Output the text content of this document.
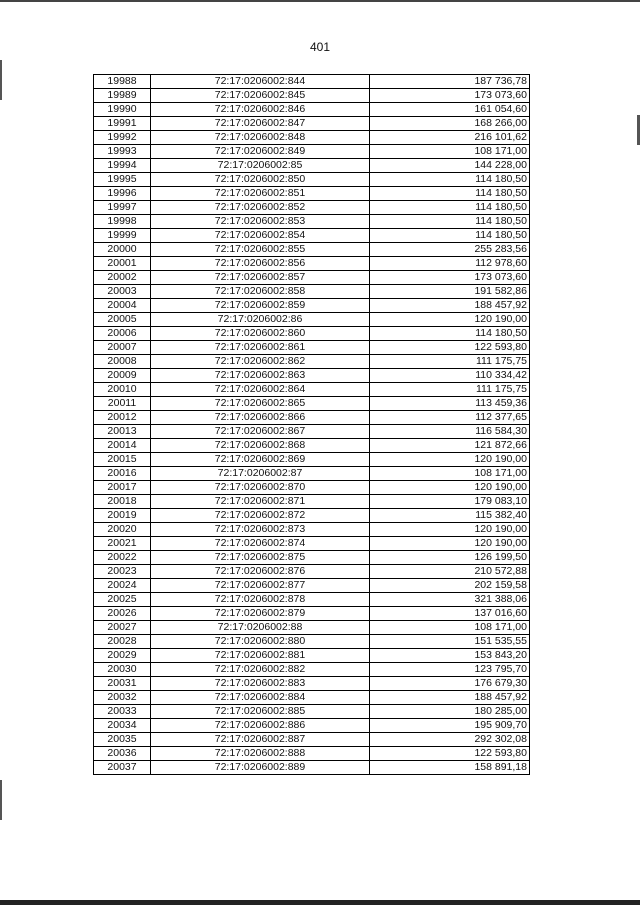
401
19988	72:17:0206002:844	187 736,78
19989	72:17:0206002:845	173 073,60
19990	72:17:0206002:846	161 054,60
19991	72:17:0206002:847	168 266,00
19992	72:17:0206002:848	216 101,62
19993	72:17:0206002:849	108 171,00
19994	72:17:0206002:85	144 228,00
19995	72:17:0206002:850	114 180,50
19996	72:17:0206002:851	114 180,50
19997	72:17:0206002:852	114 180,50
19998	72:17:0206002:853	114 180,50
19999	72:17:0206002:854	114 180,50
20000	72:17:0206002:855	255 283,56
20001	72:17:0206002:856	112 978,60
20002	72:17:0206002:857	173 073,60
20003	72:17:0206002:858	191 582,86
20004	72:17:0206002:859	188 457,92
20005	72:17:0206002:86	120 190,00
20006	72:17:0206002:860	114 180,50
20007	72:17:0206002:861	122 593,80
20008	72:17:0206002:862	111 175,75
20009	72:17:0206002:863	110 334,42
20010	72:17:0206002:864	111 175,75
20011	72:17:0206002:865	113 459,36
20012	72:17:0206002:866	112 377,65
20013	72:17:0206002:867	116 584,30
20014	72:17:0206002:868	121 872,66
20015	72:17:0206002:869	120 190,00
20016	72:17:0206002:87	108 171,00
20017	72:17:0206002:870	120 190,00
20018	72:17:0206002:871	179 083,10
20019	72:17:0206002:872	115 382,40
20020	72:17:0206002:873	120 190,00
20021	72:17:0206002:874	120 190,00
20022	72:17:0206002:875	126 199,50
20023	72:17:0206002:876	210 572,88
20024	72:17:0206002:877	202 159,58
20025	72:17:0206002:878	321 388,06
20026	72:17:0206002:879	137 016,60
20027	72:17:0206002:88	108 171,00
20028	72:17:0206002:880	151 535,55
20029	72:17:0206002:881	153 843,20
20030	72:17:0206002:882	123 795,70
20031	72:17:0206002:883	176 679,30
20032	72:17:0206002:884	188 457,92
20033	72:17:0206002:885	180 285,00
20034	72:17:0206002:886	195 909,70
20035	72:17:0206002:887	292 302,08
20036	72:17:0206002:888	122 593,80
20037	72:17:0206002:889	158 891,18
